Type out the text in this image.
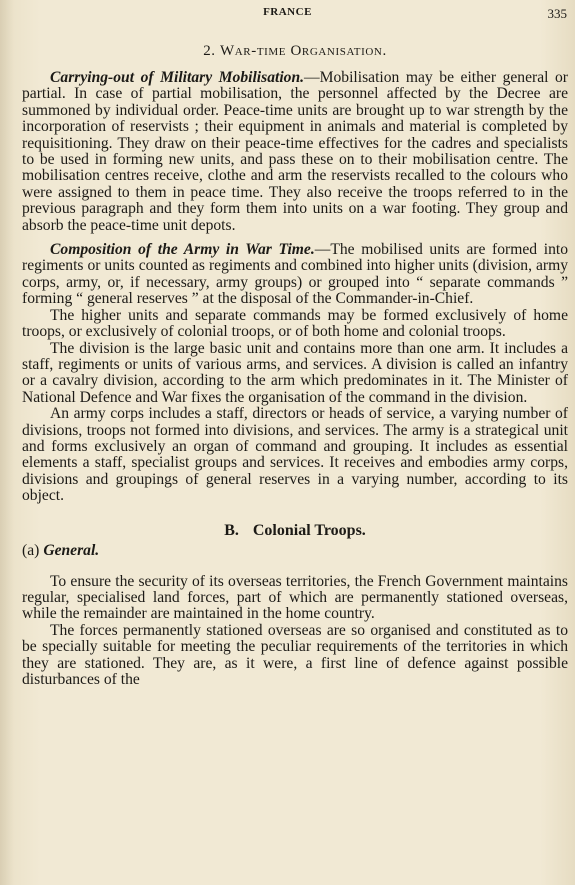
FRANCE	335
2. War-time Organisation.

Carrying-out of Military Mobilisation.—Mobilisation may be either general or partial. In case of partial mobilisation, the personnel affected by the Decree are summoned by individual order. Peace-time units are brought up to war strength by the incorporation of reservists ; their equipment in animals and material is completed by requisitioning. They draw on their peace-time effectives for the cadres and specialists to be used in forming new units, and pass these on to their mobilisation centre. The mobilisation centres receive, clothe and arm the reservists recalled to the colours who were assigned to them in peace time. They also receive the troops referred to in the previous paragraph and they form them into units on a war footing. They group and absorb the peace-time unit depots.

Composition of the Army in War Time.—The mobilised units are formed into regiments or units counted as regiments and combined into higher units (division, army corps, army, or, if necessary, army groups) or grouped into “ separate commands ” forming “ general reserves ” at the disposal of the Commander-in-Chief.

The higher units and separate commands may be formed exclusively of home troops, or exclusively of colonial troops, or of both home and colonial troops.

The division is the large basic unit and contains more than one arm. It includes a staff, regiments or units of various arms, and services. A division is called an infantry or a cavalry division, according to the arm which predominates in it. The Minister of National Defence and War fixes the organisation of the command in the division.

An army corps includes a staff, directors or heads of service, a varying number of divisions, troops not formed into divisions, and services. The army is a strategical unit and forms exclusively an organ of command and grouping. It includes as essential elements a staff, specialist groups and services. It receives and embodies army corps, divisions and groupings of general reserves in a varying number, according to its object.

B. Colonial Troops.
(a) General.

To ensure the security of its overseas territories, the French Government maintains regular, specialised land forces, part of which are permanently stationed overseas, while the remainder are maintained in the home country.

The forces permanently stationed overseas are so organised and constituted as to be specially suitable for meeting the peculiar requirements of the territories in which they are stationed. They are, as it were, a first line of defence against possible disturbances of the
